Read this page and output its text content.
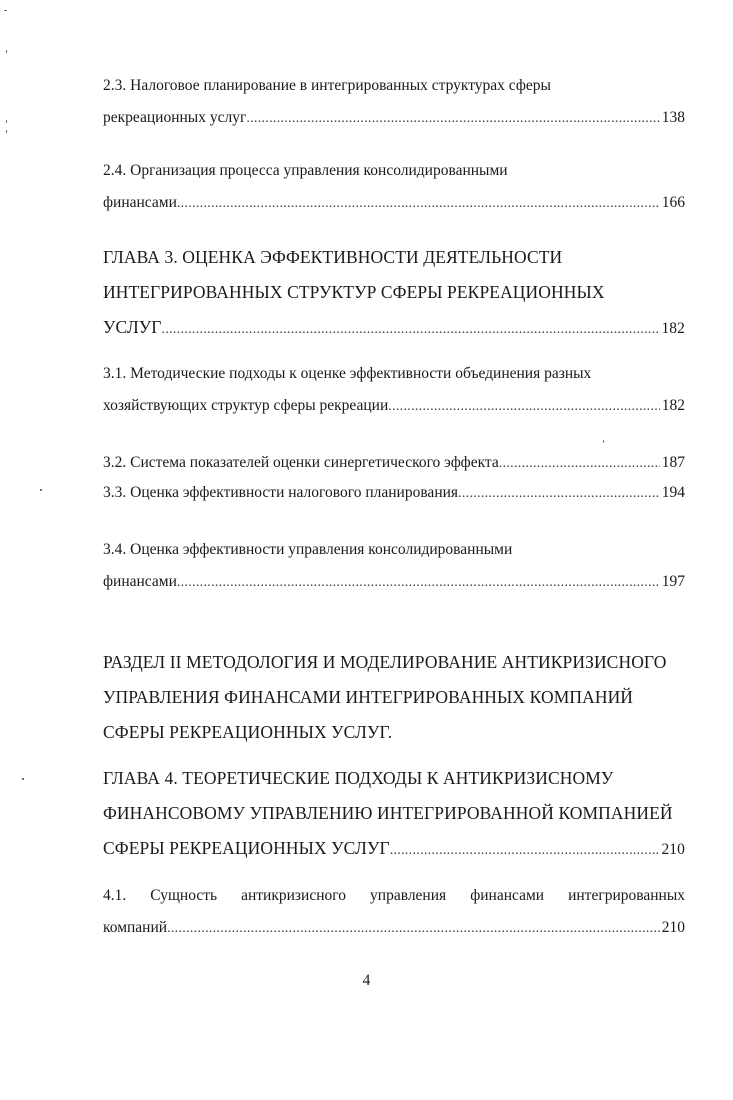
2.3. Налоговое планирование в интегрированных структурах сферы
рекреационных услуг .....	138
2.4. Организация процесса управления консолидированными
финансами .....	166
ГЛАВА 3. ОЦЕНКА ЭФФЕКТИВНОСТИ ДЕЯТЕЛЬНОСТИ
ИНТЕГРИРОВАННЫХ СТРУКТУР СФЕРЫ РЕКРЕАЦИОННЫХ
УСЛУГ .....	182
3.1. Методические подходы к оценке эффективности объединения разных
хозяйствующих структур сферы рекреации .....	182
3.2. Система показателей оценки синергетического эффекта .....	187
3.3. Оценка эффективности налогового планирования .....	194
3.4. Оценка эффективности управления консолидированными
финансами .....	197
РАЗДЕЛ II МЕТОДОЛОГИЯ И МОДЕЛИРОВАНИЕ АНТИКРИЗИСНОГО
УПРАВЛЕНИЯ ФИНАНСАМИ ИНТЕГРИРОВАННЫХ КОМПАНИЙ
СФЕРЫ РЕКРЕАЦИОННЫХ УСЛУГ.
ГЛАВА 4. ТЕОРЕТИЧЕСКИЕ ПОДХОДЫ К АНТИКРИЗИСНОМУ
ФИНАНСОВОМУ УПРАВЛЕНИЮ ИНТЕГРИРОВАННОЙ КОМПАНИЕЙ
СФЕРЫ РЕКРЕАЦИОННЫХ УСЛУГ .....	210
4.1. Сущность антикризисного управления финансами интегрированных
компаний .....	210
4
